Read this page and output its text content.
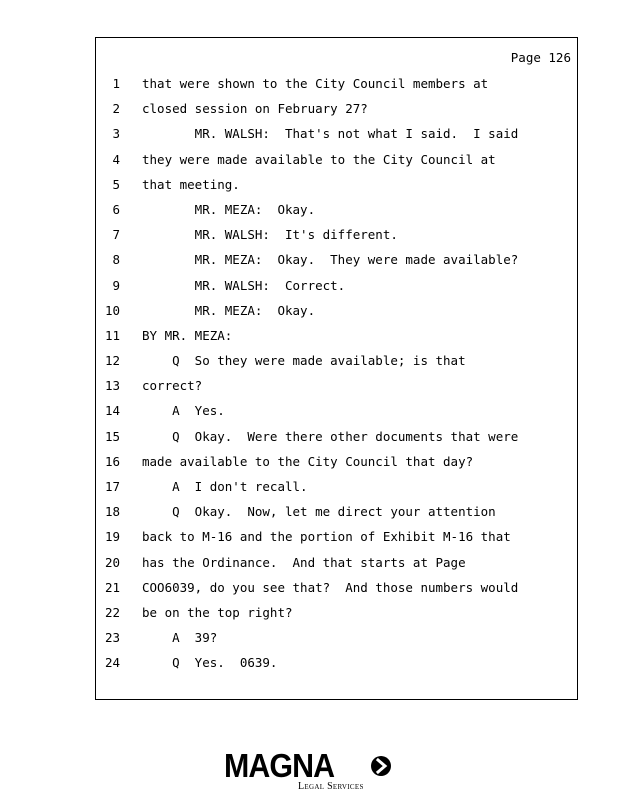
Page 126
1 that were shown to the City Council members at
2 closed session on February 27?
3 MR. WALSH:  That's not what I said.  I said
4 they were made available to the City Council at
5 that meeting.
6 MR. MEZA:  Okay.
7 MR. WALSH:  It's different.
8 MR. MEZA:  Okay.  They were made available?
9 MR. WALSH:  Correct.
10 MR. MEZA:  Okay.
11 BY MR. MEZA:
12 Q  So they were made available; is that
13 correct?
14 A  Yes.
15 Q  Okay.  Were there other documents that were
16 made available to the City Council that day?
17 A  I don't recall.
18 Q  Okay.  Now, let me direct your attention
19 back to M-16 and the portion of Exhibit M-16 that
20 has the Ordinance.  And that starts at Page
21 COO6039, do you see that?  And those numbers would
22 be on the top right?
23 A  39?
24 Q  Yes.  0639.
MAGNA
Legal Services
